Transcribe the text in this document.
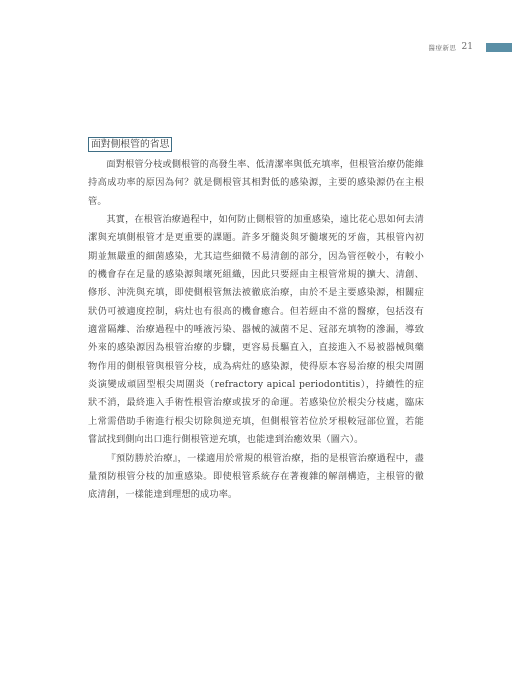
醫療新思 21
面對側根管的省思

面對根管分枝或側根管的高發生率、低清潔率與低充填率，但根管治療仍能維持高成功率的原因為何？就是側根管其相對低的感染源，主要的感染源仍在主根管。

其實，在根管治療過程中，如何防止側根管的加重感染，遠比花心思如何去清潔與充填側根管才是更重要的課題。許多牙髓炎與牙髓壞死的牙齒，其根管內初期並無嚴重的細菌感染，尤其這些細微不易清創的部分，因為管徑較小，有較小的機會存在足量的感染源與壞死組織，因此只要經由主根管常規的擴大、清創、修形、沖洗與充填，即使側根管無法被徹底治療，由於不是主要感染源，相關症狀仍可被適度控制，病灶也有很高的機會癒合。但若經由不當的醫療，包括沒有適當隔離、治療過程中的唾液污染、器械的滅菌不足、冠部充填物的滲漏，導致外來的感染源因為根管治療的步驟，更容易長驅直入，直接進入不易被器械與藥物作用的側根管與根管分枝，成為病灶的感染源，使得原本容易治療的根尖周圍炎演變成頑固型根尖周圍炎（refractory apical periodontitis），持續性的症狀不消，最終進入手術性根管治療或拔牙的命運。若感染位於根尖分枝處，臨床上常需借助手術進行根尖切除與逆充填，但側根管若位於牙根較冠部位置，若能嘗試找到側向出口進行側根管逆充填，也能達到治癒效果（圖六）。

『預防勝於治療』，一樣適用於常規的根管治療，指的是根管治療過程中，盡量預防根管分枝的加重感染。即使根管系統存在著複雜的解剖構造，主根管的徹底清創，一樣能達到理想的成功率。
